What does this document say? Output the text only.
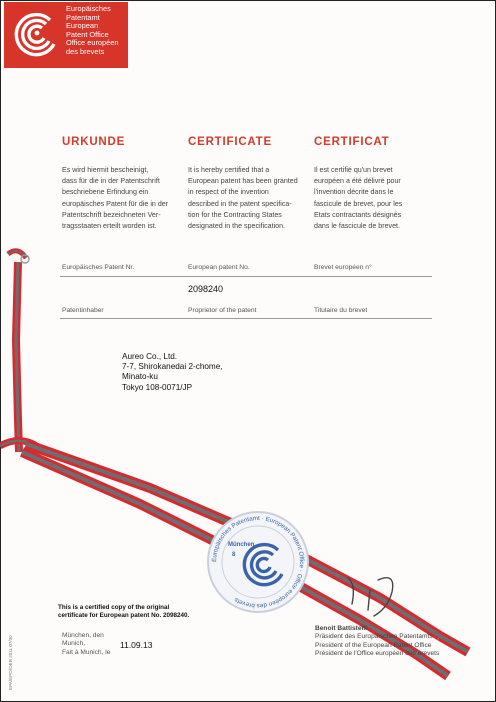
Europäisches
Patentamt
European
Patent Office
Office européen
des brevets
URKUNDE	CERTIFICATE	CERTIFICAT
Es wird hiermit bescheinigt,
dass für die in der Patentschrift
beschriebene Erfindung ein
europäisches Patent für die in der
Patentschrift bezeichneten Ver-
tragsstaaten erteilt worden ist.
It is hereby certified that a
European patent has been granted
in respect of the invention
described in the patent specifica-
tion for the Contracting States
designated in the specification.
Il est certifié qu'un brevet
européen a été délivré pour
l'invention décrite dans le
fascicule de brevet, pour les
Etats contractants désignés
dans le fascicule de brevet.
Europäisches Patent Nr.	European patent No.	Brevet européen n°
2098240
Patentinhaber	Proprietor of the patent	Titulaire du brevet
Aureo Co., Ltd.
7-7, Shirokanedai 2-chome,
Minato-ku
Tokyo 108-0071/JP
Europäisches Patentamt · European Patent Office · Office européen des brevets
München
8
This is a certified copy of the original
certificate for European patent No. 2098240.
München, den
Munich,
Fait à Munich, le
11.09.13
Benoît Battistelli
Präsident des Europäischen Patentamts
President of the European Patent Office
Président de l'Office européen des brevets
EPA/EPO/OEB 2011 07/30
